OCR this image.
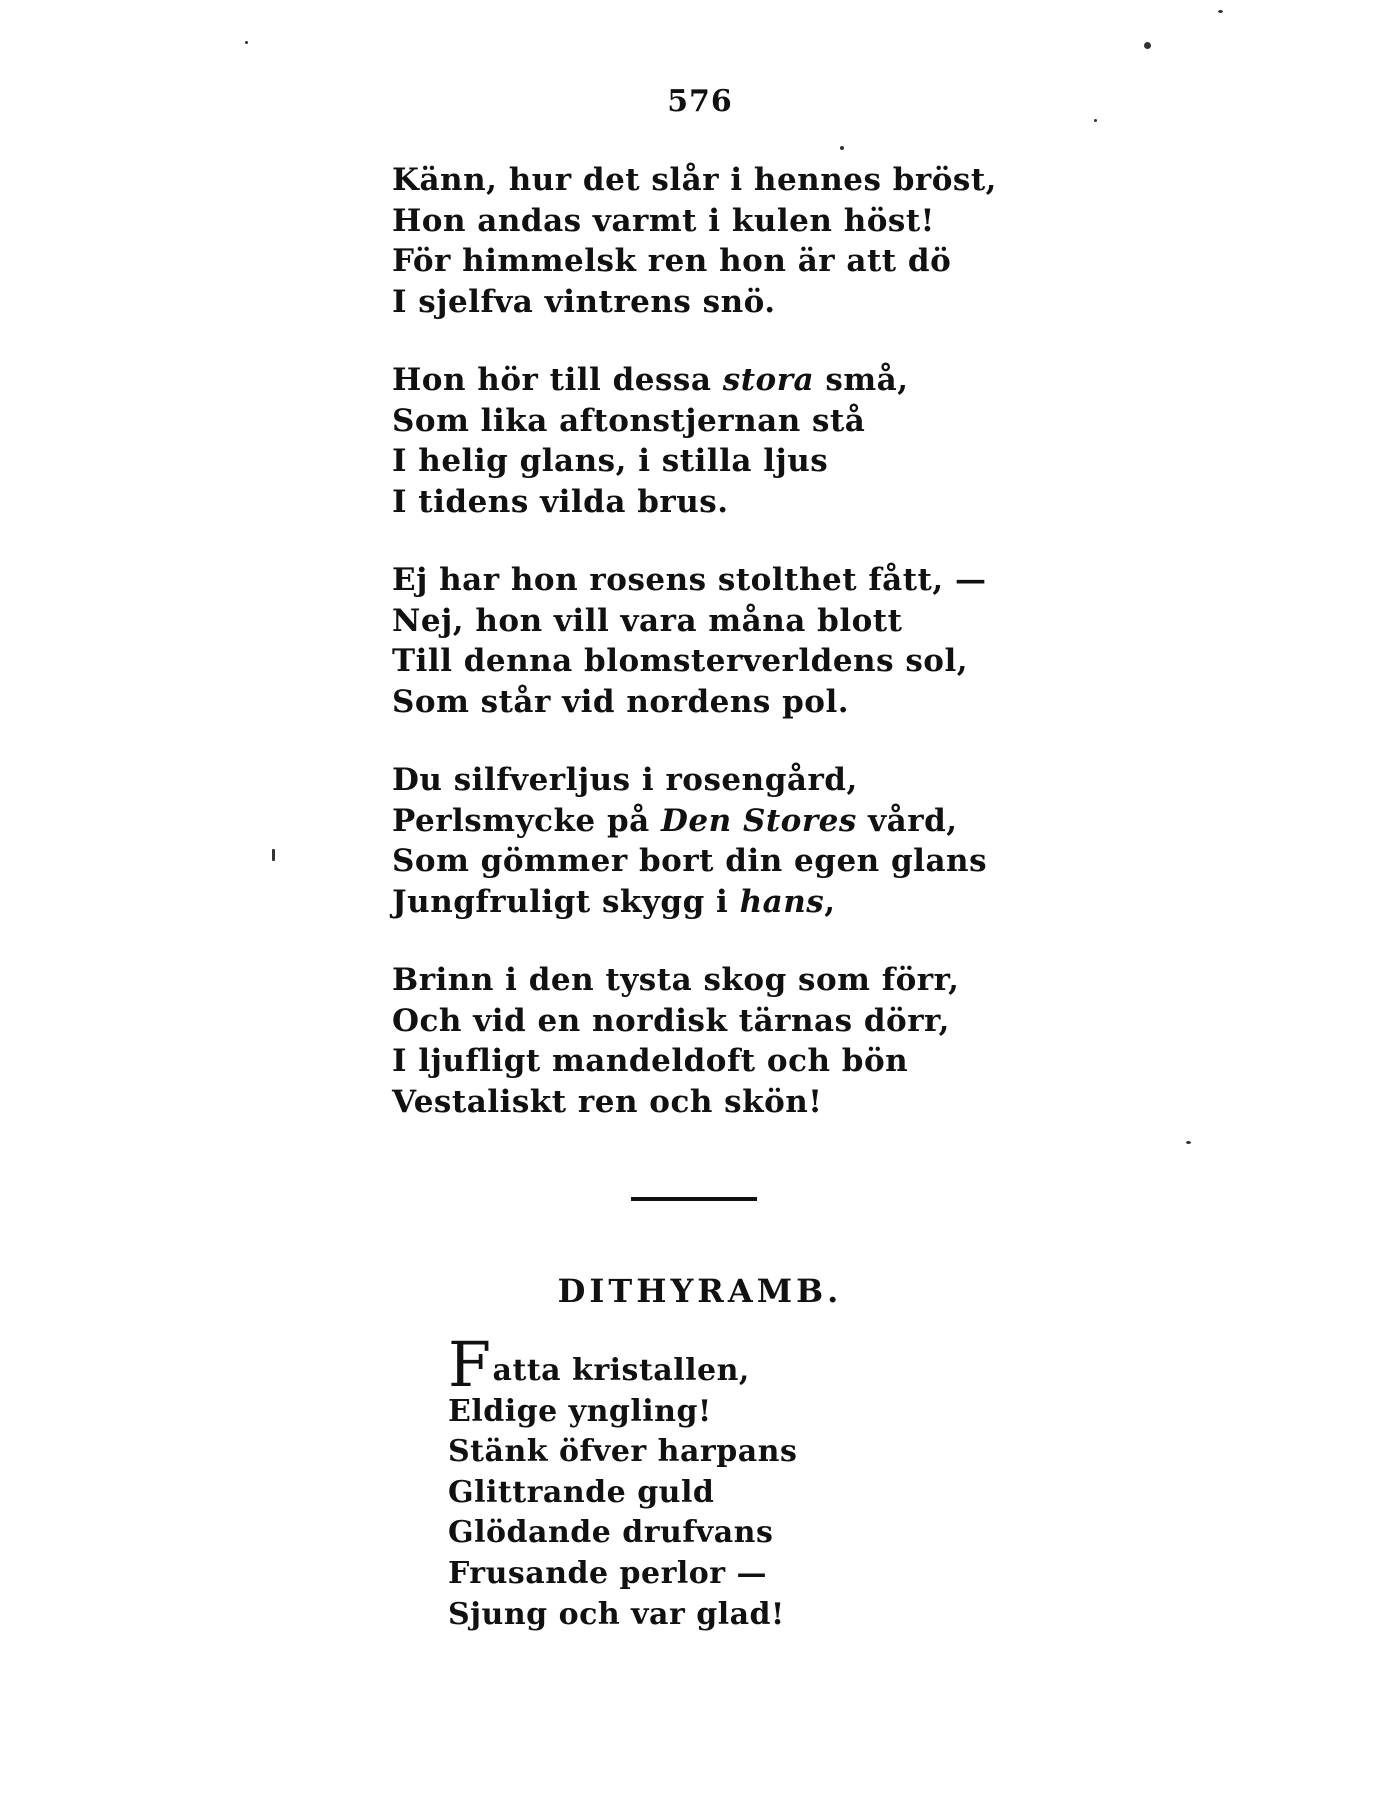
576
Känn, hur det slår i hennes bröst,
Hon andas varmt i kulen höst!
För himmelsk ren hon är att dö
I sjelfva vintrens snö.
Hon hör till dessa stora små,
Som lika aftonstjernan stå
I helig glans, i stilla ljus
I tidens vilda brus.
Ej har hon rosens stolthet fått, —
Nej, hon vill vara måna blott
Till denna blomsterverldens sol,
Som står vid nordens pol.
Du silfverljus i rosengård,
Perlsmycke på Den Stores vård,
Som gömmer bort din egen glans
Jungfruligt skygg i hans,
Brinn i den tysta skog som förr,
Och vid en nordisk tärnas dörr,
I ljufligt mandeldoft och bön
Vestaliskt ren och skön!
DITHYRAMB.
Fatta kristallen,
Eldige yngling!
Stänk öfver harpans
Glittrande guld
Glödande drufvans
Frusande perlor —
Sjung och var glad!
